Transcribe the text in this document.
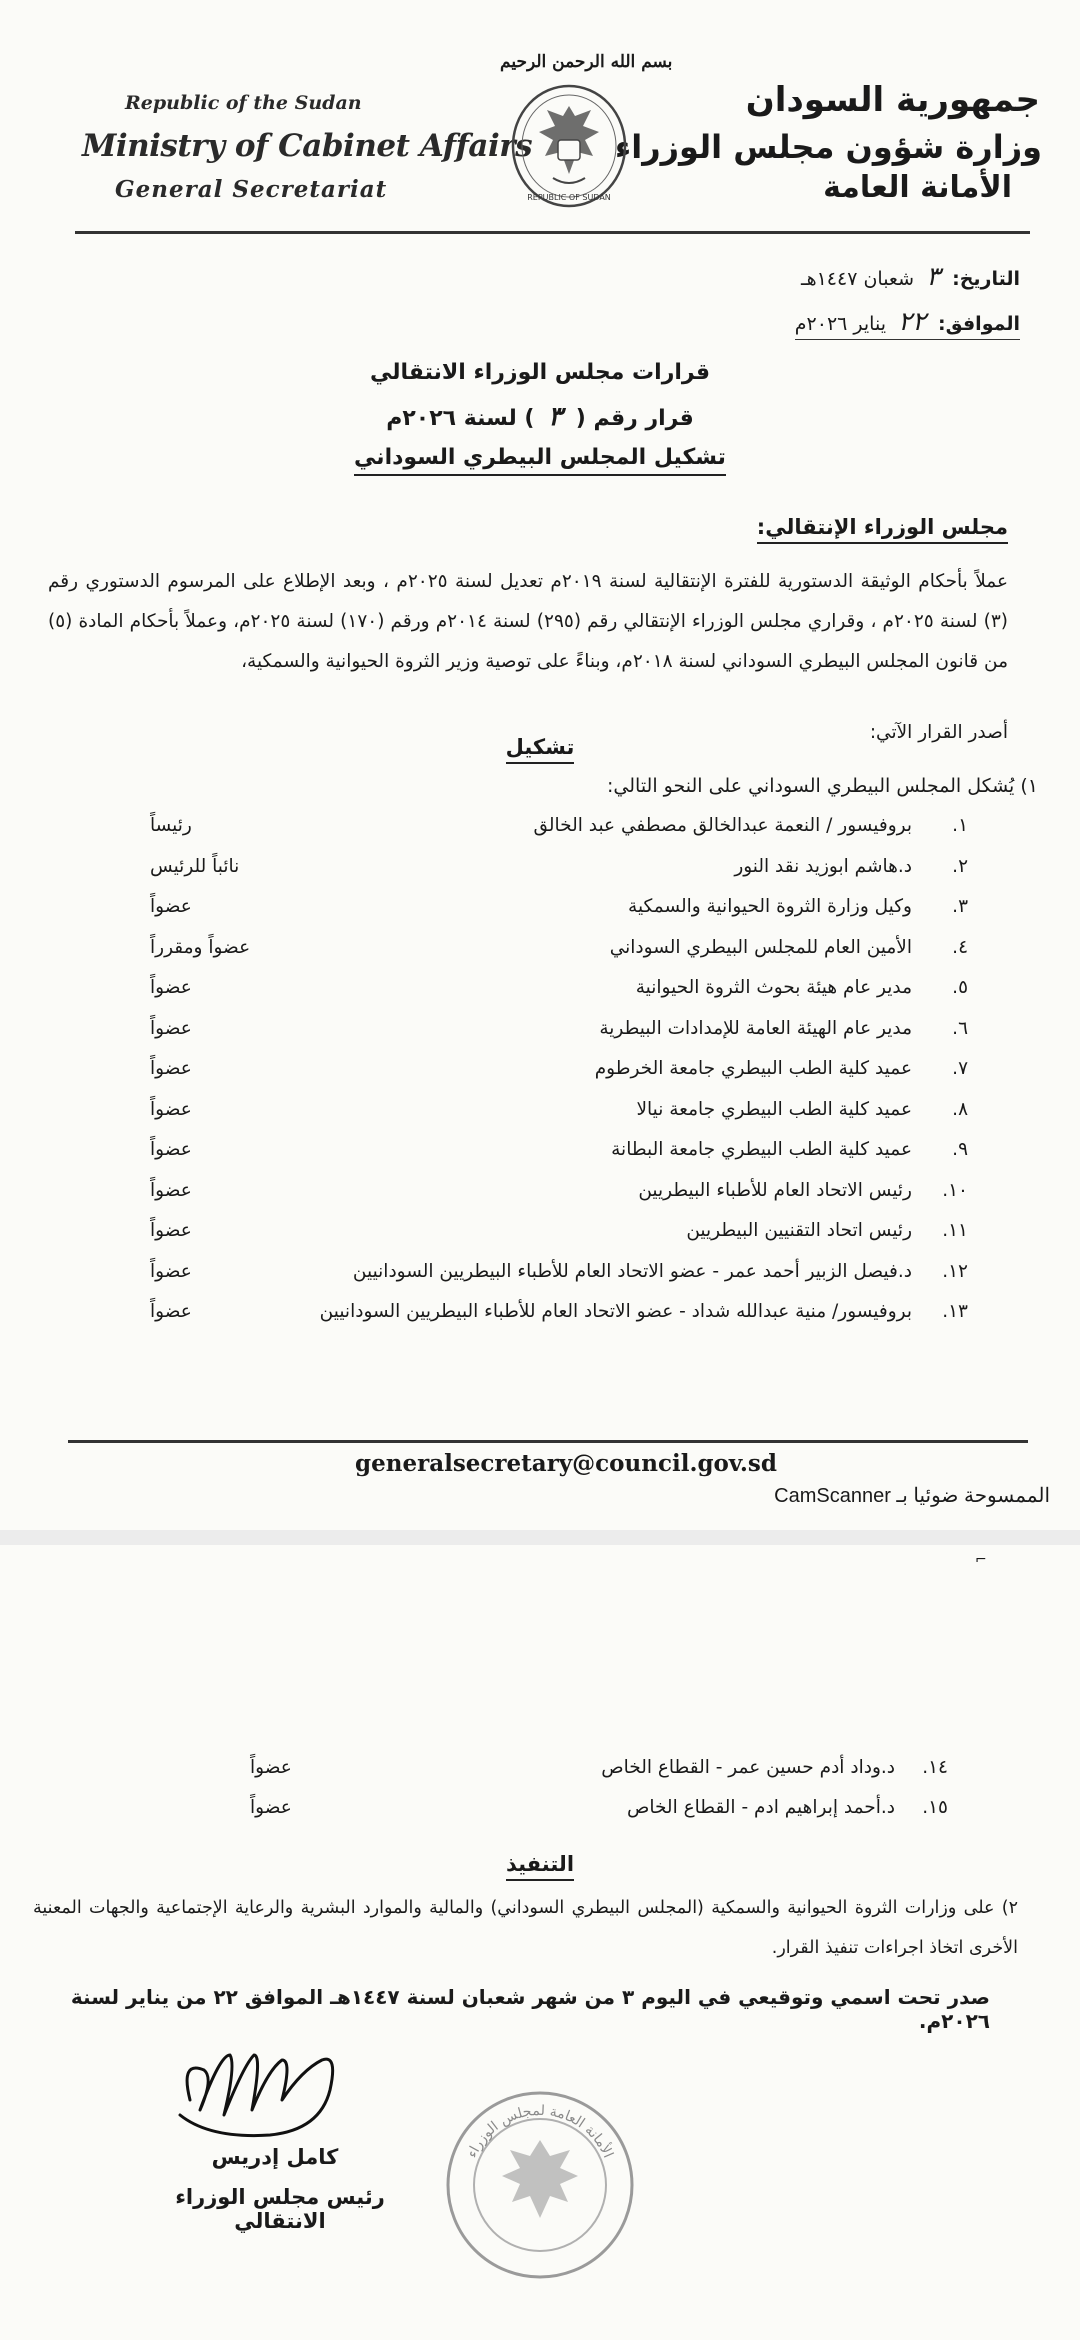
Republic of the Sudan
Ministry of Cabinet Affairs
General Secretariat
جمهورية السودان
وزارة شؤون مجلس الوزراء
الأمانة العامة
بسم الله الرحمن الرحيم
REPUBLIC OF SUDAN
التاريخ: ٣ شعبان ١٤٤٧هـ
الموافق: ٢٢ يناير ٢٠٢٦م
قرارات مجلس الوزراء الانتقالي
قرار رقم ( ٣ ) لسنة ٢٠٢٦م
تشكيل المجلس البيطري السوداني
مجلس الوزراء الإنتقالي:
عملاً بأحكام الوثيقة الدستورية للفترة الإنتقالية لسنة ٢٠١٩م تعديل لسنة ٢٠٢٥م ، وبعد الإطلاع على المرسوم الدستوري رقم (٣) لسنة ٢٠٢٥م ، وقراري مجلس الوزراء الإنتقالي رقم (٢٩٥) لسنة ٢٠١٤م ورقم (١٧٠) لسنة ٢٠٢٥م، وعملاً بأحكام المادة (٥) من قانون المجلس البيطري السوداني لسنة ٢٠١٨م، وبناءً على توصية وزير الثروة الحيوانية والسمكية،
أصدر القرار الآتي:
تشكيل
١) يُشكل المجلس البيطري السوداني على النحو التالي:
١.
بروفيسور / النعمة عبدالخالق مصطفي عبد الخالق
رئيساً
٢.
د.هاشم ابوزيد نقد النور
نائباً للرئيس
٣.
وكيل وزارة الثروة الحيوانية والسمكية
عضواً
٤.
الأمين العام للمجلس البيطري السوداني
عضواً ومقرراً
٥.
مدير عام هيئة بحوث الثروة الحيوانية
عضواً
٦.
مدير عام الهيئة العامة للإمدادات البيطرية
عضواً
٧.
عميد كلية الطب البيطري جامعة الخرطوم
عضواً
٨.
عميد كلية الطب البيطري جامعة نيالا
عضواً
٩.
عميد كلية الطب البيطري جامعة البطانة
عضواً
١٠.
رئيس الاتحاد العام للأطباء البيطريين
عضواً
١١.
رئيس اتحاد التقنيين البيطريين
عضواً
١٢.
د.فيصل الزبير أحمد عمر - عضو الاتحاد العام للأطباء البيطريين السودانيين
عضواً
١٣.
بروفيسور/ منية عبدالله شداد - عضو الاتحاد العام للأطباء البيطريين السودانيين
عضواً
generalsecretary@council.gov.sd
الممسوحة ضوئيا بـ CamScanner
⌐
١٤.
د.وداد أدم حسين عمر - القطاع الخاص
عضواً
١٥.
د.أحمد إبراهيم ادم - القطاع الخاص
عضواً
التنفيذ
٢) على وزارات الثروة الحيوانية والسمكية (المجلس البيطري السوداني) والمالية والموارد البشرية والرعاية الإجتماعية والجهات المعنية الأخرى اتخاذ اجراءات تنفيذ القرار.
صدر تحت اسمي وتوقيعي في اليوم ٣ من شهر شعبان لسنة ١٤٤٧هـ الموافق ٢٢ من يناير لسنة ٢٠٢٦م.
كامل إدريس
رئيس مجلس الوزراء الانتقالي
الأمانة العامة لمجلس الوزراء
